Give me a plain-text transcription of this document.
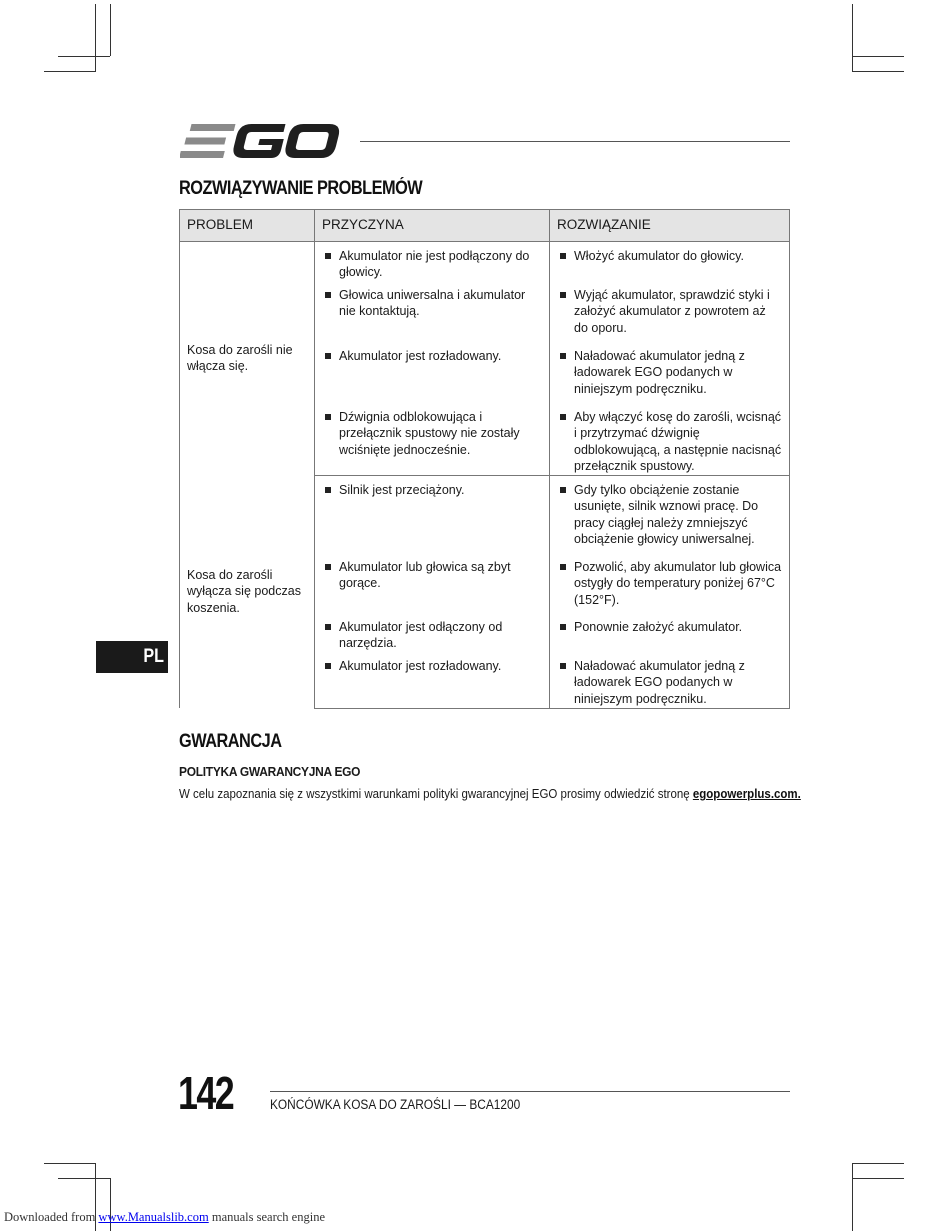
ROZWIĄZYWANIE PROBLEMÓW
PROBLEM	PRZYCZYNA	ROZWIĄZANIE
Kosa do zarośli nie włącza się.	Akumulator nie jest podłączony do głowicy.	Włożyć akumulator do głowicy.

	Głowica uniwersalna i akumulator nie kontaktują.	Wyjąć akumulator, sprawdzić styki i założyć akumulator z powrotem aż do oporu.

	Akumulator jest rozładowany.	Naładować akumulator jedną z ładowarek EGO podanych w niniejszym podręczniku.

	Dźwignia odblokowująca i przełącznik spustowy nie zostały wciśnięte jednocześnie.	Aby włączyć kosę do zarośli, wcisnąć i przytrzymać dźwignię odblokowującą, a następnie nacisnąć przełącznik spustowy.

Kosa do zarośli wyłącza się podczas koszenia.	Silnik jest przeciążony.	Gdy tylko obciążenie zostanie usunięte, silnik wznowi pracę. Do pracy ciągłej należy zmniejszyć obciążenie głowicy uniwersalnej.

	Akumulator lub głowica są zbyt gorące.	Pozwolić, aby akumulator lub głowica ostygły do temperatury poniżej 67°C (152°F).

	Akumulator jest odłączony od narzędzia.	Ponownie założyć akumulator.

	Akumulator jest rozładowany.	Naładować akumulator jedną z ładowarek EGO podanych w niniejszym podręczniku.
PL
GWARANCJA
POLITYKA GWARANCYJNA EGO
W celu zapoznania się z wszystkimi warunkami polityki gwarancyjnej EGO prosimy odwiedzić stronę egopowerplus.com.
142	KOŃCÓWKA KOSA DO ZAROŚLI — BCA1200
Downloaded from www.Manualslib.com manuals search engine
